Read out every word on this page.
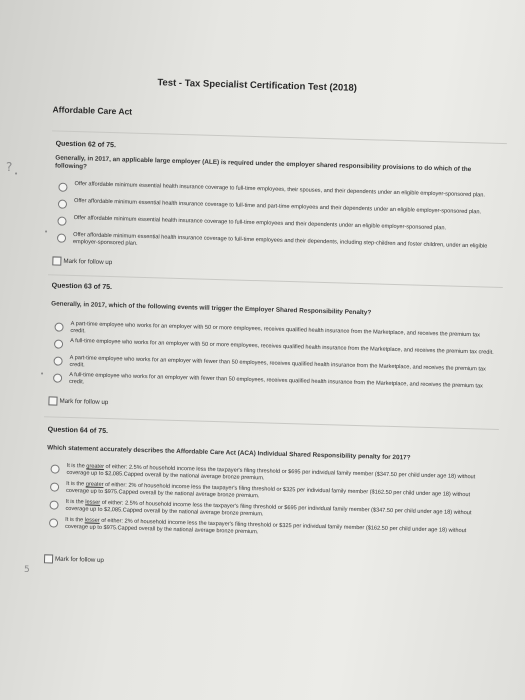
Test - Tax Specialist Certification Test (2018)
Affordable Care Act
Question 62 of 75.
Generally, in 2017, an applicable large employer (ALE) is required under the employer shared responsibility provisions to do which of the following?
Offer affordable minimum essential health insurance coverage to full-time employees, their spouses, and their dependents under an eligible employer-sponsored plan.
Offer affordable minimum essential health insurance coverage to full-time and part-time employees and their dependents under an eligible employer-sponsored plan.
Offer affordable minimum essential health insurance coverage to full-time employees and their dependents under an eligible employer-sponsored plan.
Offer affordable minimum essential health insurance coverage to full-time employees and their dependents, including step-children and foster children, under an eligible employer-sponsored plan.
Mark for follow up
Question 63 of 75.
Generally, in 2017, which of the following events will trigger the Employer Shared Responsibility Penalty?
A part-time employee who works for an employer with 50 or more employees, receives qualified health insurance from the Marketplace, and receives the premium tax credit.
A full-time employee who works for an employer with 50 or more employees, receives qualified health insurance from the Marketplace, and receives the premium tax credit.
A part-time employee who works for an employer with fewer than 50 employees, receives qualified health insurance from the Marketplace, and receives the premium tax credit.
A full-time employee who works for an employer with fewer than 50 employees, receives qualified health insurance from the Marketplace, and receives the premium tax credit.
Mark for follow up
Question 64 of 75.
Which statement accurately describes the Affordable Care Act (ACA) Individual Shared Responsibility penalty for 2017?
It is the greater of either: 2.5% of household income less the taxpayer's filing threshold or $695 per individual family member ($347.50 per child under age 18) without coverage up to $2,085.Capped overall by the national average bronze premium.
It is the greater of either: 2% of household income less the taxpayer's filing threshold or $325 per individual family member ($162.50 per child under age 18) without coverage up to $975.Capped overall by the national average bronze premium.
It is the lesser of either: 2.5% of household income less the taxpayer's filing threshold or $695 per individual family member ($347.50 per child under age 18) without coverage up to $2,085.Capped overall by the national average bronze premium.
It is the lesser of either: 2% of household income less the taxpayer's filing threshold or $325 per individual family member ($162.50 per child under age 18) without coverage up to $975.Capped overall by the national average bronze premium.
Mark for follow up
? •
•
•
5
